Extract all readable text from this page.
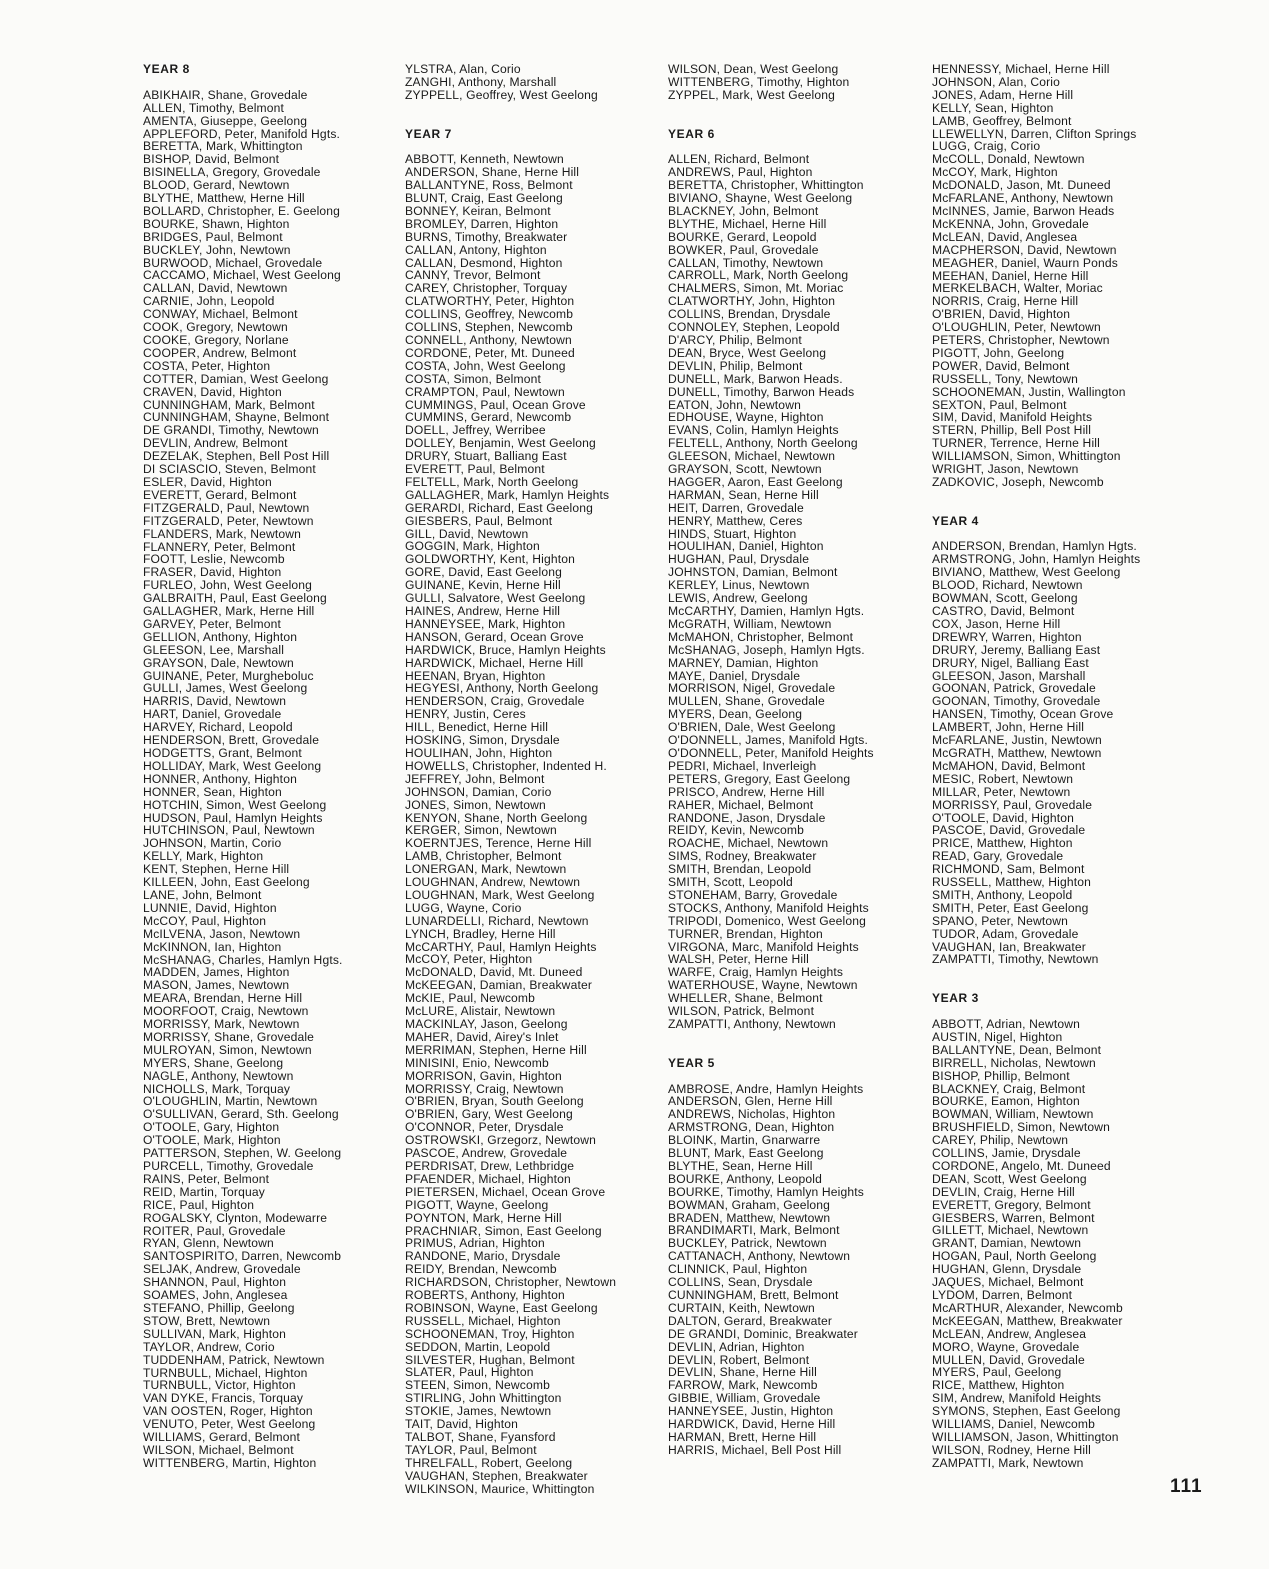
YEAR 8
ABIKHAIR, Shane, Grovedale
ALLEN, Timothy, Belmont
AMENTA, Giuseppe, Geelong
APPLEFORD, Peter, Manifold Hgts.
BERETTA, Mark, Whittington
BISHOP, David, Belmont
BISINELLA, Gregory, Grovedale
BLOOD, Gerard, Newtown
BLYTHE, Matthew, Herne Hill
BOLLARD, Christopher, E. Geelong
BOURKE, Shawn, Highton
BRIDGES, Paul, Belmont
BUCKLEY, John, Newtown
BURWOOD, Michael, Grovedale
CACCAMO, Michael, West Geelong
CALLAN, David, Newtown
CARNIE, John, Leopold
CONWAY, Michael, Belmont
COOK, Gregory, Newtown
COOKE, Gregory, Norlane
COOPER, Andrew, Belmont
COSTA, Peter, Highton
COTTER, Damian, West Geelong
CRAVEN, David, Highton
CUNNINGHAM, Mark, Belmont
CUNNINGHAM, Shayne, Belmont
DE GRANDI, Timothy, Newtown
DEVLIN, Andrew, Belmont
DEZELAK, Stephen, Bell Post Hill
DI SCIASCIO, Steven, Belmont
ESLER, David, Highton
EVERETT, Gerard, Belmont
FITZGERALD, Paul, Newtown
FITZGERALD, Peter, Newtown
FLANDERS, Mark, Newtown
FLANNERY, Peter, Belmont
FOOTT, Leslie, Newcomb
FRASER, David, Highton
FURLEO, John, West Geelong
GALBRAITH, Paul, East Geelong
GALLAGHER, Mark, Herne Hill
GARVEY, Peter, Belmont
GELLION, Anthony, Highton
GLEESON, Lee, Marshall
GRAYSON, Dale, Newtown
GUINANE, Peter, Murgheboluc
GULLI, James, West Geelong
HARRIS, David, Newtown
HART, Daniel, Grovedale
HARVEY, Richard, Leopold
HENDERSON, Brett, Grovedale
HODGETTS, Grant, Belmont
HOLLIDAY, Mark, West Geelong
HONNER, Anthony, Highton
HONNER, Sean, Highton
HOTCHIN, Simon, West Geelong
HUDSON, Paul, Hamlyn Heights
HUTCHINSON, Paul, Newtown
JOHNSON, Martin, Corio
KELLY, Mark, Highton
KENT, Stephen, Herne Hill
KILLEEN, John, East Geelong
LANE, John, Belmont
LUNNIE, David, Highton
McCOY, Paul, Highton
McILVENA, Jason, Newtown
McKINNON, Ian, Highton
McSHANAG, Charles, Hamlyn Hgts.
MADDEN, James, Highton
MASON, James, Newtown
MEARA, Brendan, Herne Hill
MOORFOOT, Craig, Newtown
MORRISSY, Mark, Newtown
MORRISSY, Shane, Grovedale
MULROYAN, Simon, Newtown
MYERS, Shane, Geelong
NAGLE, Anthony, Newtown
NICHOLLS, Mark, Torquay
O'LOUGHLIN, Martin, Newtown
O'SULLIVAN, Gerard, Sth. Geelong
O'TOOLE, Gary, Highton
O'TOOLE, Mark, Highton
PATTERSON, Stephen, W. Geelong
PURCELL, Timothy, Grovedale
RAINS, Peter, Belmont
REID, Martin, Torquay
RICE, Paul, Highton
ROGALSKY, Clynton, Modewarre
ROITER, Paul, Grovedale
RYAN, Glenn, Newtown
SANTOSPIRITO, Darren, Newcomb
SELJAK, Andrew, Grovedale
SHANNON, Paul, Highton
SOAMES, John, Anglesea
STEFANO, Phillip, Geelong
STOW, Brett, Newtown
SULLIVAN, Mark, Highton
TAYLOR, Andrew, Corio
TUDDENHAM, Patrick, Newtown
TURNBULL, Michael, Highton
TURNBULL, Victor, Highton
VAN DYKE, Francis, Torquay
VAN OOSTEN, Roger, Highton
VENUTO, Peter, West Geelong
WILLIAMS, Gerard, Belmont
WILSON, Michael, Belmont
WITTENBERG, Martin, Highton
YLSTRA, Alan, Corio
ZANGHI, Anthony, Marshall
ZYPPELL, Geoffrey, West Geelong
YEAR 7
ABBOTT, Kenneth, Newtown
ANDERSON, Shane, Herne Hill
BALLANTYNE, Ross, Belmont
BLUNT, Craig, East Geelong
BONNEY, Keiran, Belmont
BROMLEY, Darren, Highton
BURNS, Timothy, Breakwater
CALLAN, Antony, Highton
CALLAN, Desmond, Highton
CANNY, Trevor, Belmont
CAREY, Christopher, Torquay
CLATWORTHY, Peter, Highton
COLLINS, Geoffrey, Newcomb
COLLINS, Stephen, Newcomb
CONNELL, Anthony, Newtown
CORDONE, Peter, Mt. Duneed
COSTA, John, West Geelong
COSTA, Simon, Belmont
CRAMPTON, Paul, Newtown
CUMMINGS, Paul, Ocean Grove
CUMMINS, Gerard, Newcomb
DOELL, Jeffrey, Werribee
DOLLEY, Benjamin, West Geelong
DRURY, Stuart, Balliang East
EVERETT, Paul, Belmont
FELTELL, Mark, North Geelong
GALLAGHER, Mark, Hamlyn Heights
GERARDI, Richard, East Geelong
GIESBERS, Paul, Belmont
GILL, David, Newtown
GOGGIN, Mark, Highton
GOLDWORTHY, Kent, Highton
GORE, David, East Geelong
GUINANE, Kevin, Herne Hill
GULLI, Salvatore, West Geelong
HAINES, Andrew, Herne Hill
HANNEYSEE, Mark, Highton
HANSON, Gerard, Ocean Grove
HARDWICK, Bruce, Hamlyn Heights
HARDWICK, Michael, Herne Hill
HEENAN, Bryan, Highton
HEGYESI, Anthony, North Geelong
HENDERSON, Craig, Grovedale
HENRY, Justin, Ceres
HILL, Benedict, Herne Hill
HOSKING, Simon, Drysdale
HOULIHAN, John, Highton
HOWELLS, Christopher, Indented H.
JEFFREY, John, Belmont
JOHNSON, Damian, Corio
JONES, Simon, Newtown
KENYON, Shane, North Geelong
KERGER, Simon, Newtown
KOERNTJES, Terence, Herne Hill
LAMB, Christopher, Belmont
LONERGAN, Mark, Newtown
LOUGHNAN, Andrew, Newtown
LOUGHNAN, Mark, West Geelong
LUGG, Wayne, Corio
LUNARDELLI, Richard, Newtown
LYNCH, Bradley, Herne Hill
McCARTHY, Paul, Hamlyn Heights
McCOY, Peter, Highton
McDONALD, David, Mt. Duneed
McKEEGAN, Damian, Breakwater
McKIE, Paul, Newcomb
McLURE, Alistair, Newtown
MACKINLAY, Jason, Geelong
MAHER, David, Airey's Inlet
MERRIMAN, Stephen, Herne Hill
MINISINI, Enio, Newcomb
MORRISON, Gavin, Highton
MORRISSY, Craig, Newtown
O'BRIEN, Bryan, South Geelong
O'BRIEN, Gary, West Geelong
O'CONNOR, Peter, Drysdale
OSTROWSKI, Grzegorz, Newtown
PASCOE, Andrew, Grovedale
PERDRISAT, Drew, Lethbridge
PFAENDER, Michael, Highton
PIETERSEN, Michael, Ocean Grove
PIGOTT, Wayne, Geelong
POYNTON, Mark, Herne Hill
PRACHNIAR, Simon, East Geelong
PRIMUS, Adrian, Highton
RANDONE, Mario, Drysdale
REIDY, Brendan, Newcomb
RICHARDSON, Christopher, Newtown
ROBERTS, Anthony, Highton
ROBINSON, Wayne, East Geelong
RUSSELL, Michael, Highton
SCHOONEMAN, Troy, Highton
SEDDON, Martin, Leopold
SILVESTER, Hughan, Belmont
SLATER, Paul, Highton
STEEN, Simon, Newcomb
STIRLING, John Whittington
STOKIE, James, Newtown
TAIT, David, Highton
TALBOT, Shane, Fyansford
TAYLOR, Paul, Belmont
THRELFALL, Robert, Geelong
VAUGHAN, Stephen, Breakwater
WILKINSON, Maurice, Whittington
WILSON, Dean, West Geelong
WITTENBERG, Timothy, Highton
ZYPPEL, Mark, West Geelong
YEAR 6
ALLEN, Richard, Belmont
ANDREWS, Paul, Highton
BERETTA, Christopher, Whittington
BIVIANO, Shayne, West Geelong
BLACKNEY, John, Belmont
BLYTHE, Michael, Herne Hill
BOURKE, Gerard, Leopold
BOWKER, Paul, Grovedale
CALLAN, Timothy, Newtown
CARROLL, Mark, North Geelong
CHALMERS, Simon, Mt. Moriac
CLATWORTHY, John, Highton
COLLINS, Brendan, Drysdale
CONNOLEY, Stephen, Leopold
D'ARCY, Philip, Belmont
DEAN, Bryce, West Geelong
DEVLIN, Philip, Belmont
DUNELL, Mark, Barwon Heads.
DUNELL, Timothy, Barwon Heads
EATON, John, Newtown
EDHOUSE, Wayne, Highton
EVANS, Colin, Hamlyn Heights
FELTELL, Anthony, North Geelong
GLEESON, Michael, Newtown
GRAYSON, Scott, Newtown
HAGGER, Aaron, East Geelong
HARMAN, Sean, Herne Hill
HEIT, Darren, Grovedale
HENRY, Matthew, Ceres
HINDS, Stuart, Highton
HOULIHAN, Daniel, Highton
HUGHAN, Paul, Drysdale
JOHNSTON, Damian, Belmont
KERLEY, Linus, Newtown
LEWIS, Andrew, Geelong
McCARTHY, Damien, Hamlyn Hgts.
McGRATH, William, Newtown
McMAHON, Christopher, Belmont
McSHANAG, Joseph, Hamlyn Hgts.
MARNEY, Damian, Highton
MAYE, Daniel, Drysdale
MORRISON, Nigel, Grovedale
MULLEN, Shane, Grovedale
MYERS, Dean, Geelong
O'BRIEN, Dale, West Geelong
O'DONNELL, James, Manifold Hgts.
O'DONNELL, Peter, Manifold Heights
PEDRI, Michael, Inverleigh
PETERS, Gregory, East Geelong
PRISCO, Andrew, Herne Hill
RAHER, Michael, Belmont
RANDONE, Jason, Drysdale
REIDY, Kevin, Newcomb
ROACHE, Michael, Newtown
SIMS, Rodney, Breakwater
SMITH, Brendan, Leopold
SMITH, Scott, Leopold
STONEHAM, Barry, Grovedale
STOCKS, Anthony, Manifold Heights
TRIPODI, Domenico, West Geelong
TURNER, Brendan, Highton
VIRGONA, Marc, Manifold Heights
WALSH, Peter, Herne Hill
WARFE, Craig, Hamlyn Heights
WATERHOUSE, Wayne, Newtown
WHELLER, Shane, Belmont
WILSON, Patrick, Belmont
ZAMPATTI, Anthony, Newtown
YEAR 5
AMBROSE, Andre, Hamlyn Heights
ANDERSON, Glen, Herne Hill
ANDREWS, Nicholas, Highton
ARMSTRONG, Dean, Highton
BLOINK, Martin, Gnarwarre
BLUNT, Mark, East Geelong
BLYTHE, Sean, Herne Hill
BOURKE, Anthony, Leopold
BOURKE, Timothy, Hamlyn Heights
BOWMAN, Graham, Geelong
BRADEN, Matthew, Newtown
BRANDIMARTI, Mark, Belmont
BUCKLEY, Patrick, Newtown
CATTANACH, Anthony, Newtown
CLINNICK, Paul, Highton
COLLINS, Sean, Drysdale
CUNNINGHAM, Brett, Belmont
CURTAIN, Keith, Newtown
DALTON, Gerard, Breakwater
DE GRANDI, Dominic, Breakwater
DEVLIN, Adrian, Highton
DEVLIN, Robert, Belmont
DEVLIN, Shane, Herne Hill
FARROW, Mark, Newcomb
GIBBIE, William, Grovedale
HANNEYSEE, Justin, Highton
HARDWICK, David, Herne Hill
HARMAN, Brett, Herne Hill
HARRIS, Michael, Bell Post Hill
HENNESSY, Michael, Herne Hill
JOHNSON, Alan, Corio
JONES, Adam, Herne Hill
KELLY, Sean, Highton
LAMB, Geoffrey, Belmont
LLEWELLYN, Darren, Clifton Springs
LUGG, Craig, Corio
McCOLL, Donald, Newtown
McCOY, Mark, Highton
McDONALD, Jason, Mt. Duneed
McFARLANE, Anthony, Newtown
McINNES, Jamie, Barwon Heads
McKENNA, John, Grovedale
McLEAN, David, Anglesea
MACPHERSON, David, Newtown
MEAGHER, Daniel, Waurn Ponds
MEEHAN, Daniel, Herne Hill
MERKELBACH, Walter, Moriac
NORRIS, Craig, Herne Hill
O'BRIEN, David, Highton
O'LOUGHLIN, Peter, Newtown
PETERS, Christopher, Newtown
PIGOTT, John, Geelong
POWER, David, Belmont
RUSSELL, Tony, Newtown
SCHOONEMAN, Justin, Wallington
SEXTON, Paul, Belmont
SIM, David, Manifold Heights
STERN, Phillip, Bell Post Hill
TURNER, Terrence, Herne Hill
WILLIAMSON, Simon, Whittington
WRIGHT, Jason, Newtown
ZADKOVIC, Joseph, Newcomb
YEAR 4
ANDERSON, Brendan, Hamlyn Hgts.
ARMSTRONG, John, Hamlyn Heights
BIVIANO, Matthew, West Geelong
BLOOD, Richard, Newtown
BOWMAN, Scott, Geelong
CASTRO, David, Belmont
COX, Jason, Herne Hill
DREWRY, Warren, Highton
DRURY, Jeremy, Balliang East
DRURY, Nigel, Balliang East
GLEESON, Jason, Marshall
GOONAN, Patrick, Grovedale
GOONAN, Timothy, Grovedale
HANSEN, Timothy, Ocean Grove
LAMBERT, John, Herne Hill
McFARLANE, Justin, Newtown
McGRATH, Matthew, Newtown
McMAHON, David, Belmont
MESIC, Robert, Newtown
MILLAR, Peter, Newtown
MORRISSY, Paul, Grovedale
O'TOOLE, David, Highton
PASCOE, David, Grovedale
PRICE, Matthew, Highton
READ, Gary, Grovedale
RICHMOND, Sam, Belmont
RUSSELL, Matthew, Highton
SMITH, Anthony, Leopold
SMITH, Peter, East Geelong
SPANO, Peter, Newtown
TUDOR, Adam, Grovedale
VAUGHAN, Ian, Breakwater
ZAMPATTI, Timothy, Newtown
YEAR 3
ABBOTT, Adrian, Newtown
AUSTIN, Nigel, Highton
BALLANTYNE, Dean, Belmont
BIRRELL, Nicholas, Newtown
BISHOP, Phillip, Belmont
BLACKNEY, Craig, Belmont
BOURKE, Eamon, Highton
BOWMAN, William, Newtown
BRUSHFIELD, Simon, Newtown
CAREY, Philip, Newtown
COLLINS, Jamie, Drysdale
CORDONE, Angelo, Mt. Duneed
DEAN, Scott, West Geelong
DEVLIN, Craig, Herne Hill
EVERETT, Gregory, Belmont
GIESBERS, Warren, Belmont
GILLETT, Michael, Newtown
GRANT, Damian, Newtown
HOGAN, Paul, North Geelong
HUGHAN, Glenn, Drysdale
JAQUES, Michael, Belmont
LYDOM, Darren, Belmont
McARTHUR, Alexander, Newcomb
McKEEGAN, Matthew, Breakwater
McLEAN, Andrew, Anglesea
MORO, Wayne, Grovedale
MULLEN, David, Grovedale
MYERS, Paul, Geelong
RICE, Matthew, Highton
SIM, Andrew, Manifold Heights
SYMONS, Stephen, East Geelong
WILLIAMS, Daniel, Newcomb
WILLIAMSON, Jason, Whittington
WILSON, Rodney, Herne Hill
ZAMPATTI, Mark, Newtown
111
